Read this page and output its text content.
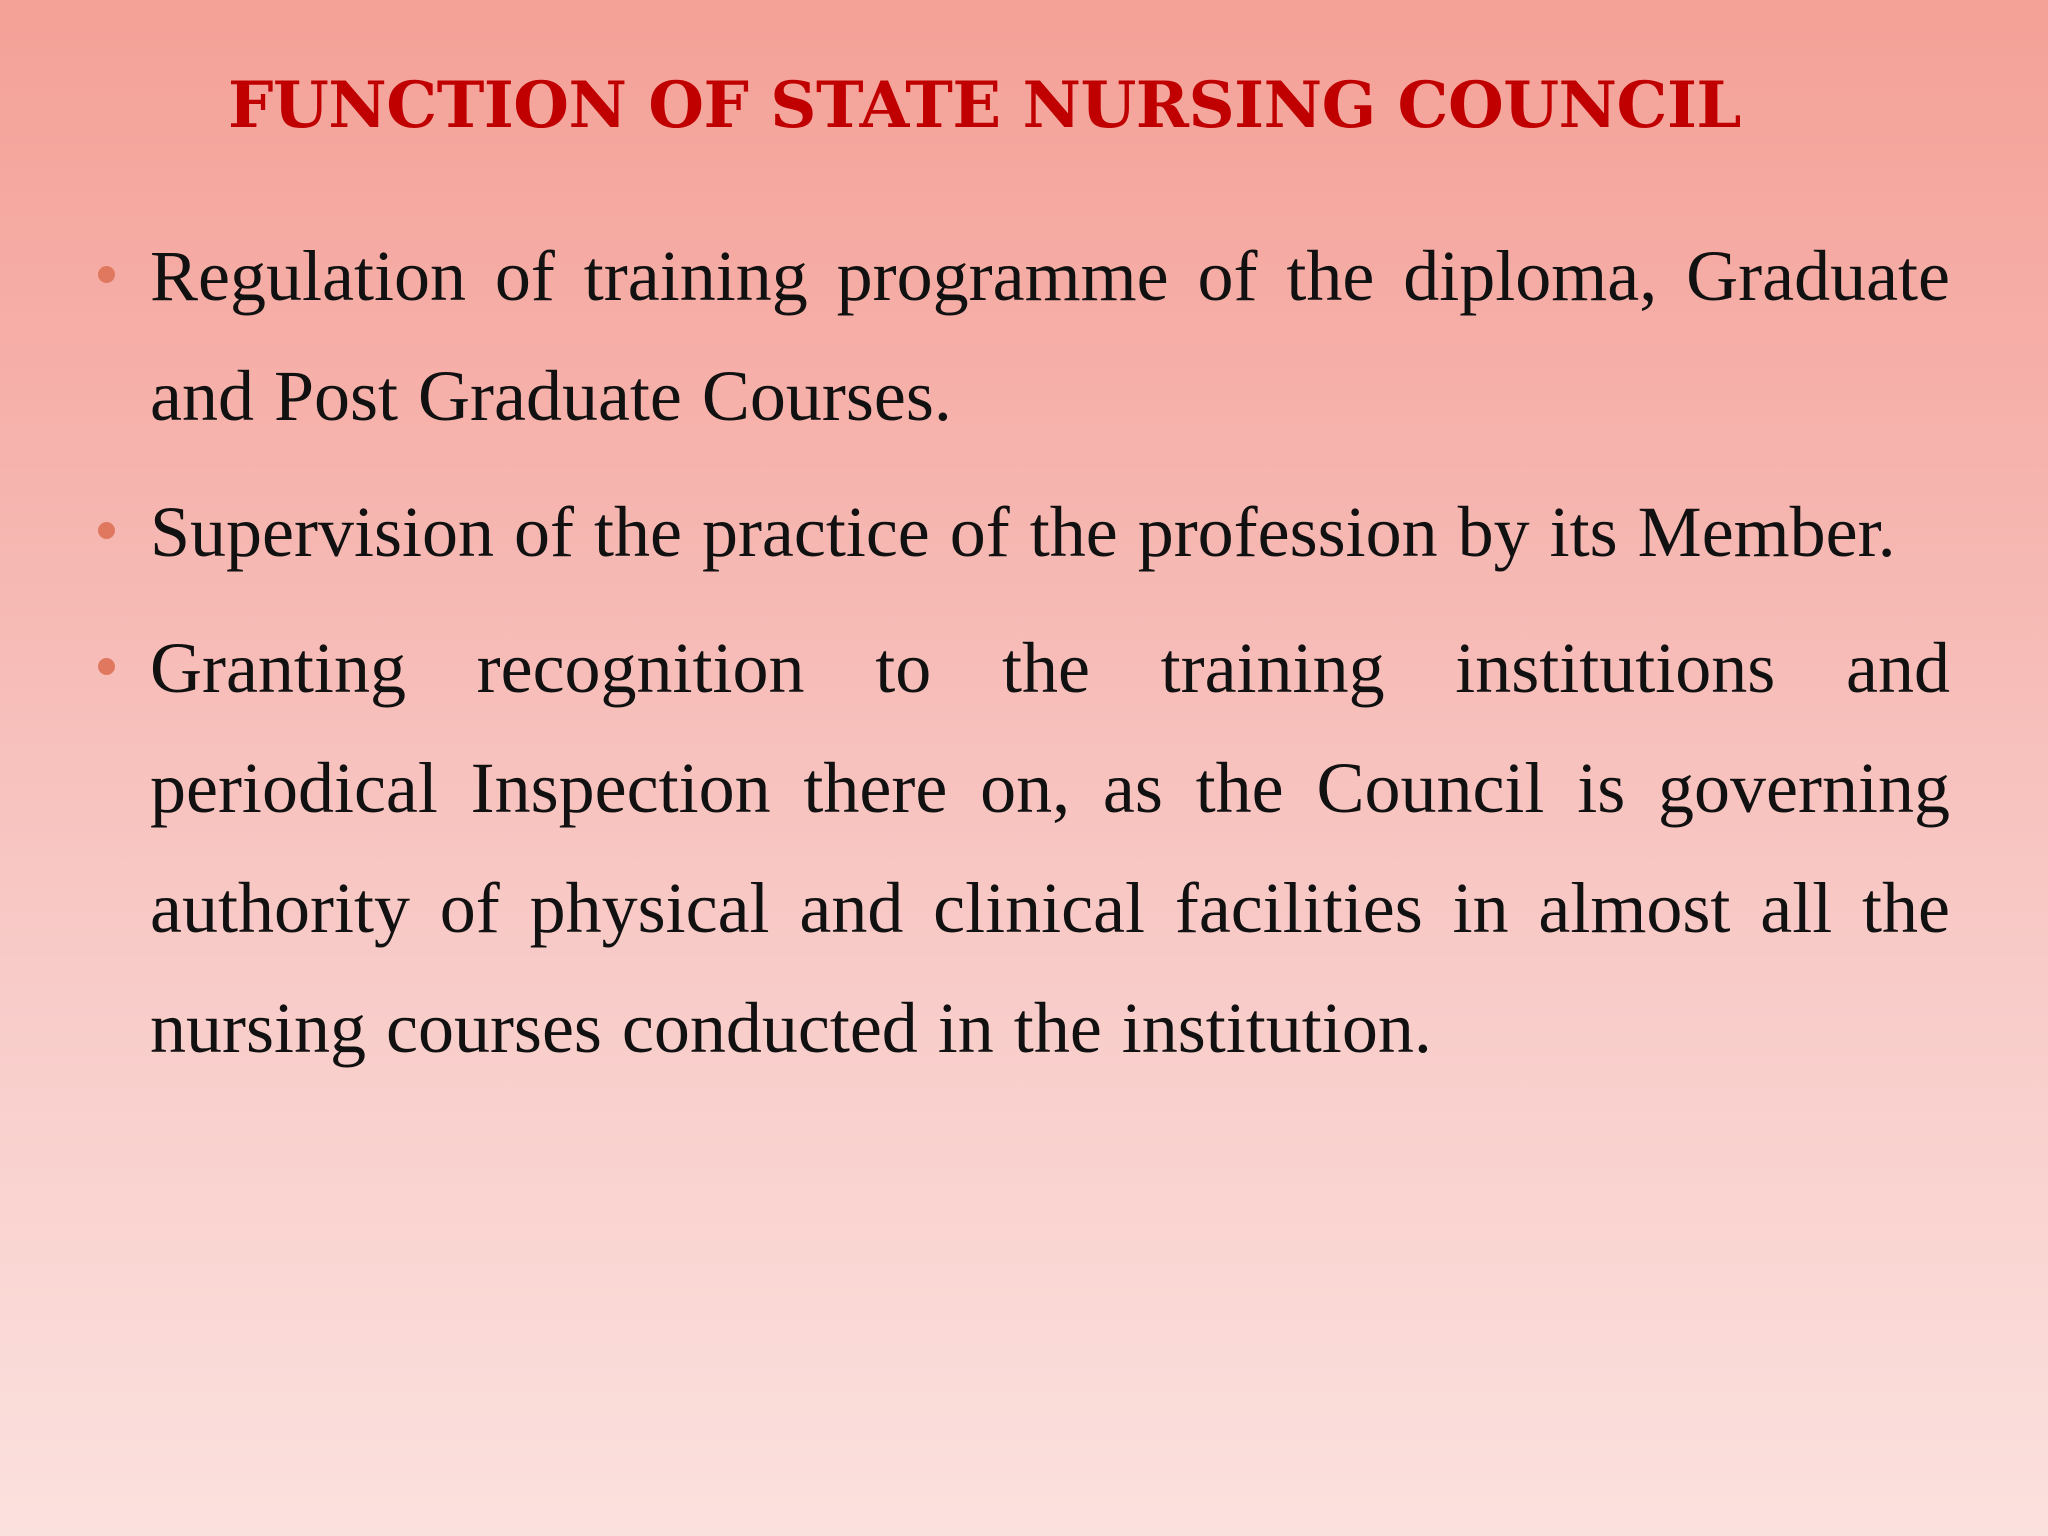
FUNCTION OF STATE NURSING COUNCIL
Regulation of training programme of the diploma, Graduate and Post Graduate Courses.
Supervision of the practice of the profession by its Member.
Granting recognition to the training institutions and periodical Inspection there on, as the Council is governing authority of physical and clinical facilities in almost all the nursing courses conducted in the institution.
